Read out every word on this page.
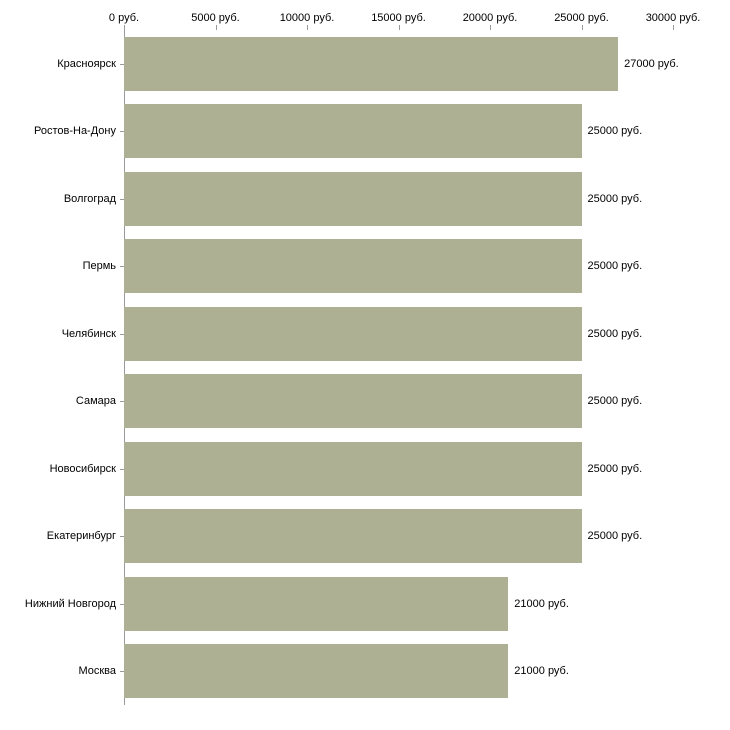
0 руб.	5000 руб.	10000 руб.	15000 руб.	20000 руб.	25000 руб.	30000 руб.
Красноярск
Ростов-На-Дону
Волгоград
Пермь
Челябинск
Самара
Новосибирск
Екатеринбург
Нижний Новгород
Москва
27000 руб.
25000 руб.
25000 руб.
25000 руб.
25000 руб.
25000 руб.
25000 руб.
25000 руб.
21000 руб.
21000 руб.
